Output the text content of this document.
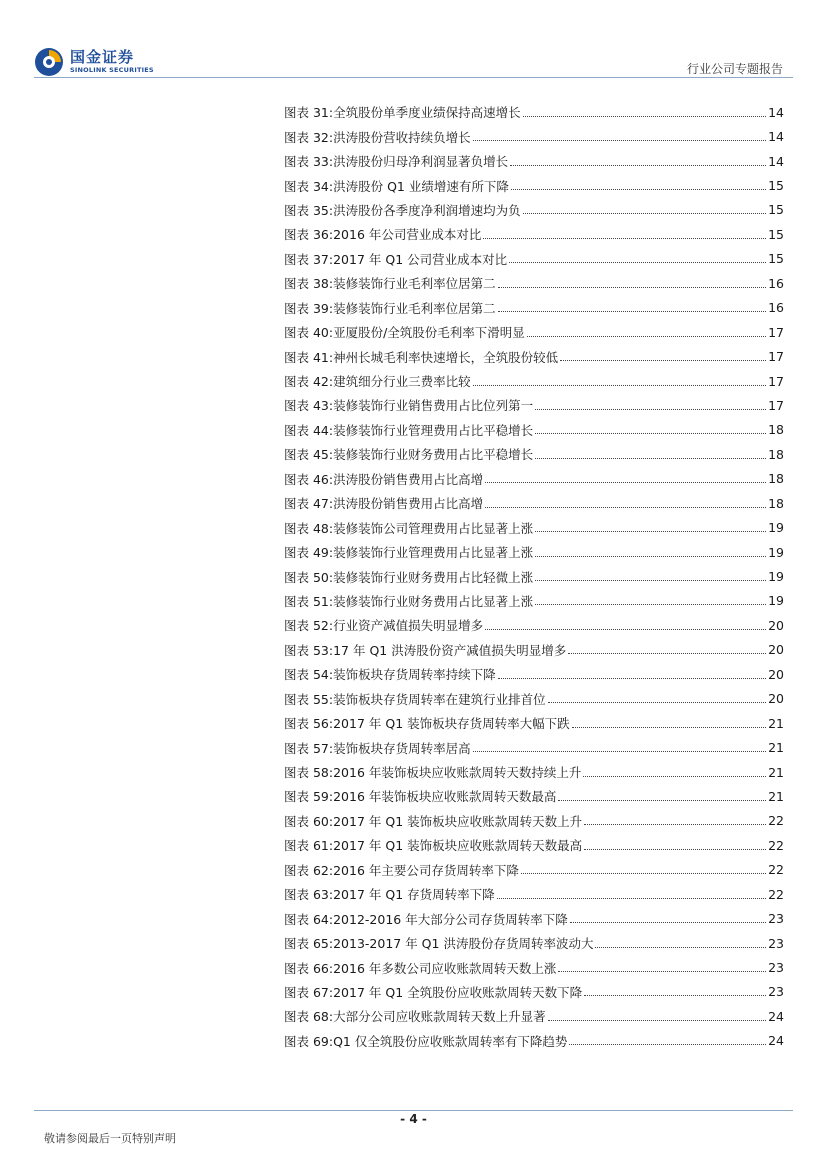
国金证券
SINOLINK SECURITIES	行业公司专题报告
图表 31: 全筑股份单季度业绩保持高速增长	14
图表 32: 洪涛股份营收持续负增长	14
图表 33: 洪涛股份归母净利润显著负增长	14
图表 34: 洪涛股份 Q1 业绩增速有所下降	15
图表 35: 洪涛股份各季度净利润增速均为负	15
图表 36: 2016 年公司营业成本对比	15
图表 37: 2017 年 Q1 公司营业成本对比	15
图表 38: 装修装饰行业毛利率位居第二	16
图表 39: 装修装饰行业毛利率位居第二	16
图表 40: 亚厦股份/全筑股份毛利率下滑明显	17
图表 41: 神州长城毛利率快速增长，全筑股份较低	17
图表 42: 建筑细分行业三费率比较	17
图表 43: 装修装饰行业销售费用占比位列第一	17
图表 44: 装修装饰行业管理费用占比平稳增长	18
图表 45: 装修装饰行业财务费用占比平稳增长	18
图表 46: 洪涛股份销售费用占比高增	18
图表 47: 洪涛股份销售费用占比高增	18
图表 48: 装修装饰公司管理费用占比显著上涨	19
图表 49: 装修装饰行业管理费用占比显著上涨	19
图表 50: 装修装饰行业财务费用占比轻微上涨	19
图表 51: 装修装饰行业财务费用占比显著上涨	19
图表 52: 行业资产减值损失明显增多	20
图表 53: 17 年 Q1 洪涛股份资产减值损失明显增多	20
图表 54: 装饰板块存货周转率持续下降	20
图表 55: 装饰板块存货周转率在建筑行业排首位	20
图表 56: 2017 年 Q1 装饰板块存货周转率大幅下跌	21
图表 57: 装饰板块存货周转率居高	21
图表 58: 2016 年装饰板块应收账款周转天数持续上升	21
图表 59: 2016 年装饰板块应收账款周转天数最高	21
图表 60: 2017 年 Q1 装饰板块应收账款周转天数上升	22
图表 61: 2017 年 Q1 装饰板块应收账款周转天数最高	22
图表 62: 2016 年主要公司存货周转率下降	22
图表 63: 2017 年 Q1 存货周转率下降	22
图表 64: 2012-2016 年大部分公司存货周转率下降	23
图表 65: 2013-2017 年 Q1 洪涛股份存货周转率波动大	23
图表 66: 2016 年多数公司应收账款周转天数上涨	23
图表 67: 2017 年 Q1 全筑股份应收账款周转天数下降	23
图表 68: 大部分公司应收账款周转天数上升显著	24
图表 69: Q1 仅全筑股份应收账款周转率有下降趋势	24
- 4 -
敬请参阅最后一页特别声明
